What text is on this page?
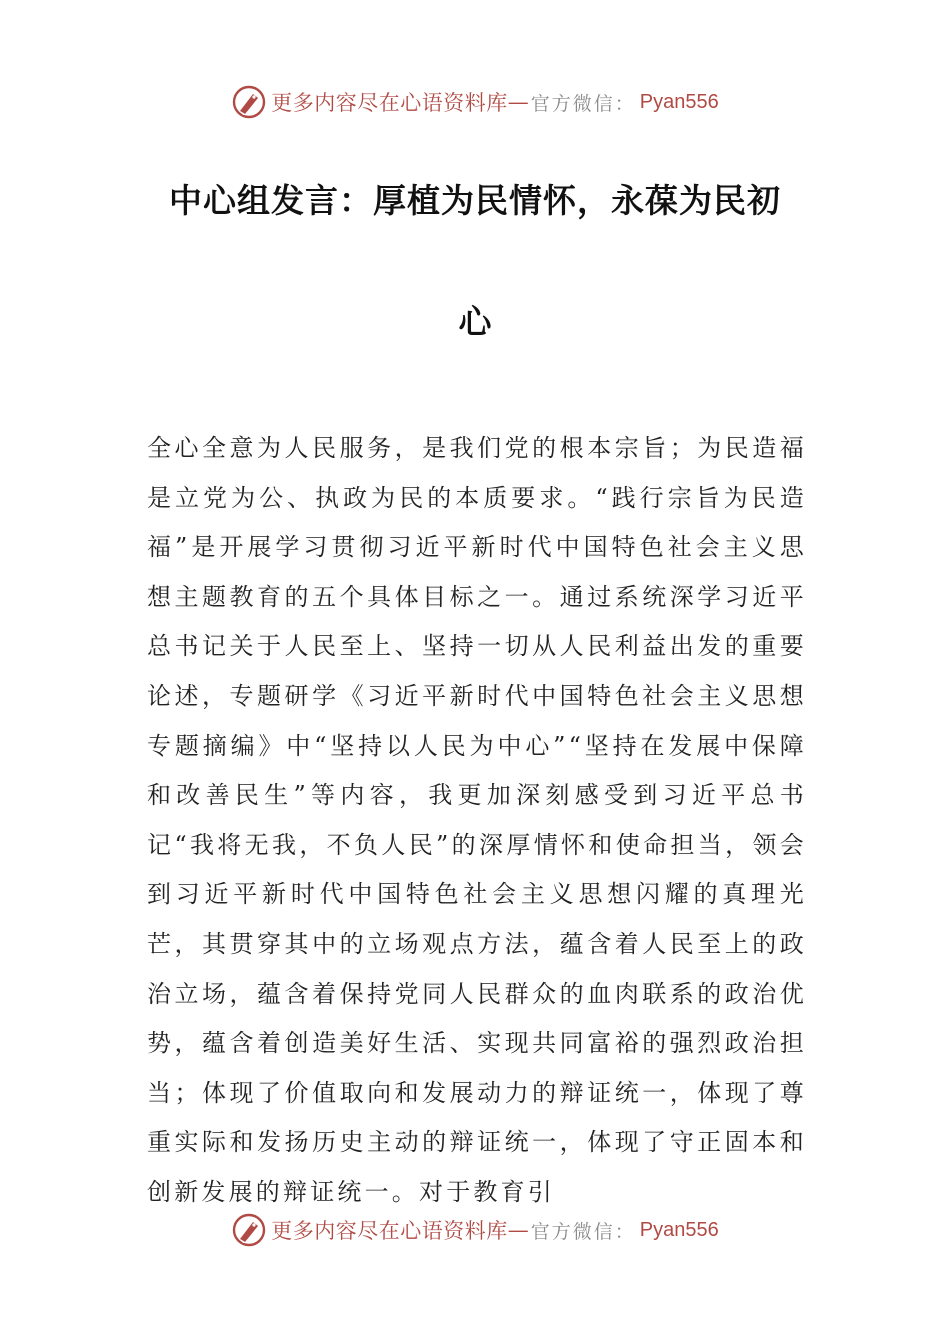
更多内容尽在心语资料库 — 官方微信： Pyan556
中心组发言：厚植为民情怀，永葆为民初
心

全心全意为人民服务，是我们党的根本宗旨；为民造福是立党为公、执政为民的本质要求。“践行宗旨为民造福”是开展学习贯彻习近平新时代中国特色社会主义思想主题教育的五个具体目标之一。通过系统深学习近平总书记关于人民至上、坚持一切从人民利益出发的重要论述，专题研学《习近平新时代中国特色社会主义思想专题摘编》中“坚持以人民为中心”“坚持在发展中保障和改善民生”等内容，我更加深刻感受到习近平总书记“我将无我，不负人民”的深厚情怀和使命担当，领会到习近平新时代中国特色社会主义思想闪耀的真理光芒，其贯穿其中的立场观点方法，蕴含着人民至上的政治立场，蕴含着保持党同人民群众的血肉联系的政治优势，蕴含着创造美好生活、实现共同富裕的强烈政治担当；体现了价值取向和发展动力的辩证统一，体现了尊重实际和发扬历史主动的辩证统一，体现了守正固本和创新发展的辩证统一。对于教育引

更多内容尽在心语资料库 — 官方微信： Pyan556
